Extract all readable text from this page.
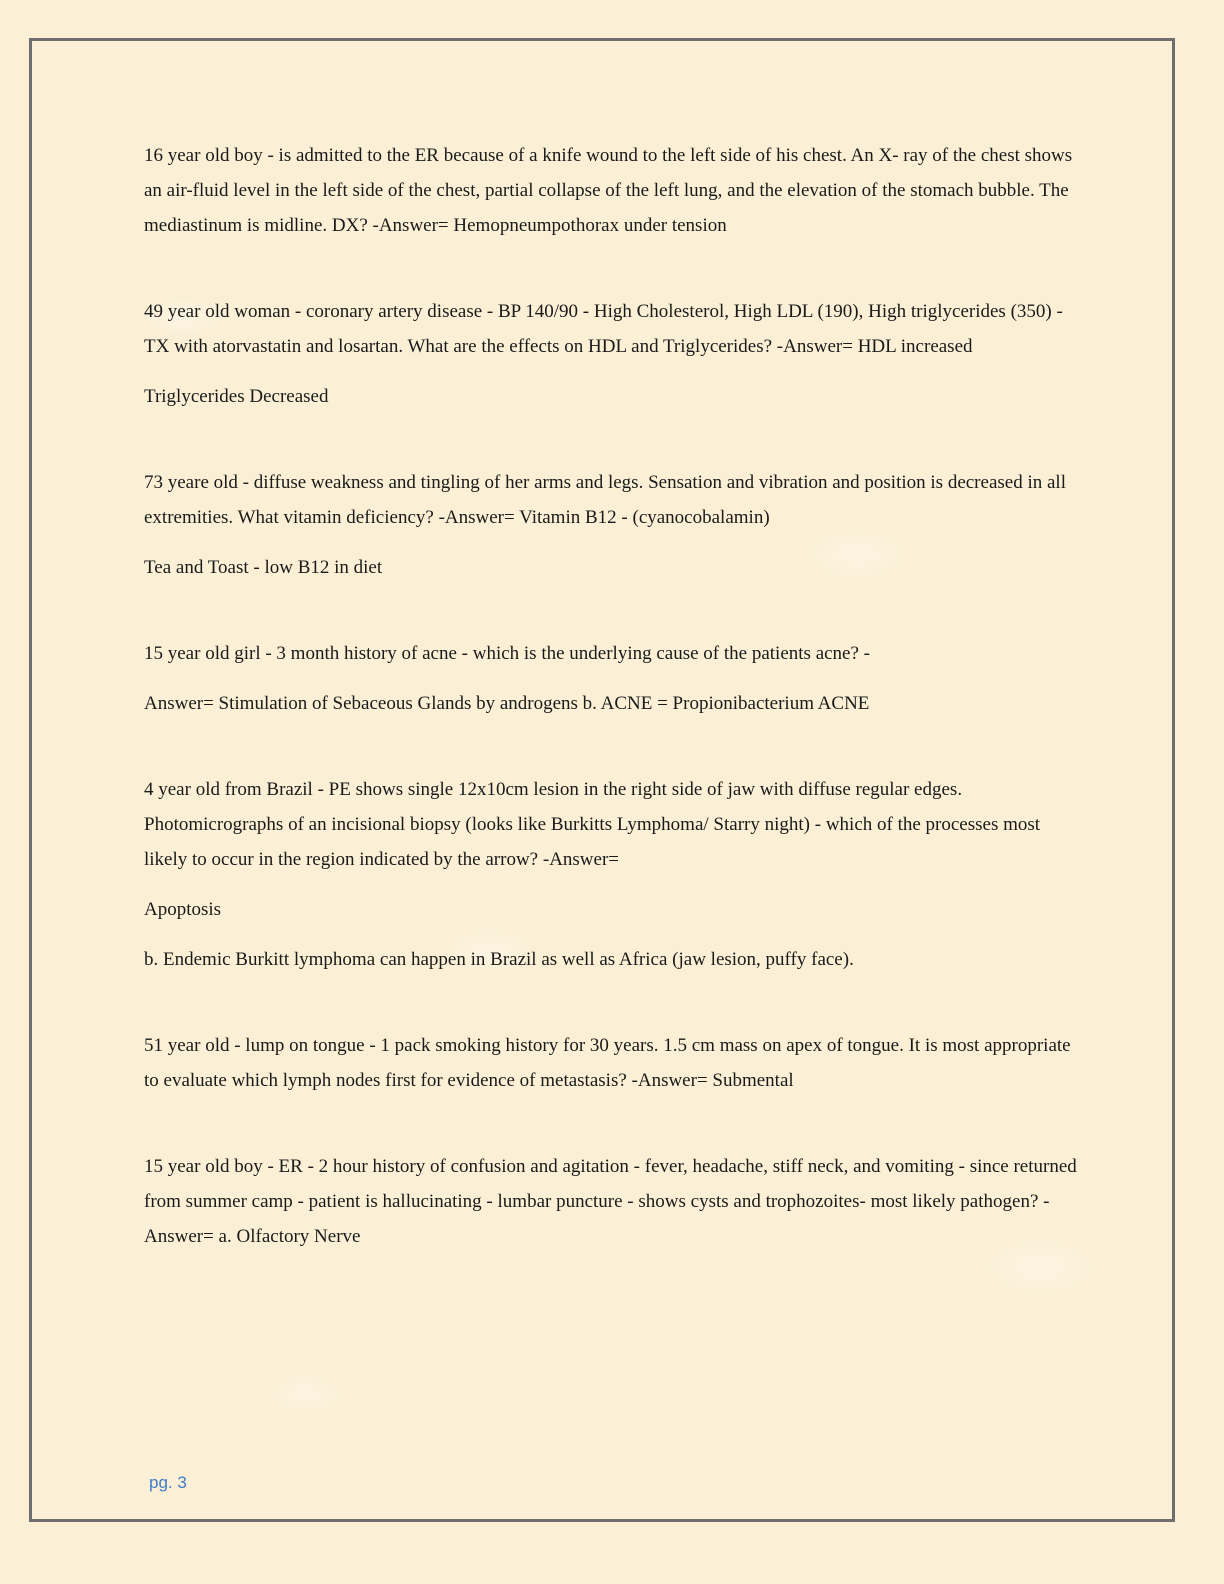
16 year old boy - is admitted to the ER because of a knife wound to the left side of his chest. An X- ray of the chest shows an air-fluid level in the left side of the chest, partial collapse of the left lung, and the elevation of the stomach bubble. The mediastinum is midline. DX? -Answer= Hemopneumpothorax under tension

49 year old woman - coronary artery disease - BP 140/90 - High Cholesterol, High LDL (190), High triglycerides (350) - TX with atorvastatin and losartan. What are the effects on HDL and Triglycerides? -Answer= HDL increased

Triglycerides Decreased

73 yeare old - diffuse weakness and tingling of her arms and legs. Sensation and vibration and position is decreased in all extremities. What vitamin deficiency? -Answer= Vitamin B12 - (cyanocobalamin)

Tea and Toast - low B12 in diet

15 year old girl - 3 month history of acne - which is the underlying cause of the patients acne? -

Answer= Stimulation of Sebaceous Glands by androgens b. ACNE = Propionibacterium ACNE

4 year old from Brazil - PE shows single 12x10cm lesion in the right side of jaw with diffuse regular edges. Photomicrographs of an incisional biopsy (looks like Burkitts Lymphoma/ Starry night) - which of the processes most likely to occur in the region indicated by the arrow? -Answer=

Apoptosis

b. Endemic Burkitt lymphoma can happen in Brazil as well as Africa (jaw lesion, puffy face).

51 year old - lump on tongue - 1 pack smoking history for 30 years. 1.5 cm mass on apex of tongue. It is most appropriate to evaluate which lymph nodes first for evidence of metastasis? -Answer= Submental

15 year old boy - ER - 2 hour history of confusion and agitation - fever, headache, stiff neck, and vomiting - since returned from summer camp - patient is hallucinating - lumbar puncture - shows cysts and trophozoites- most likely pathogen? -Answer= a. Olfactory Nerve

pg. 3
